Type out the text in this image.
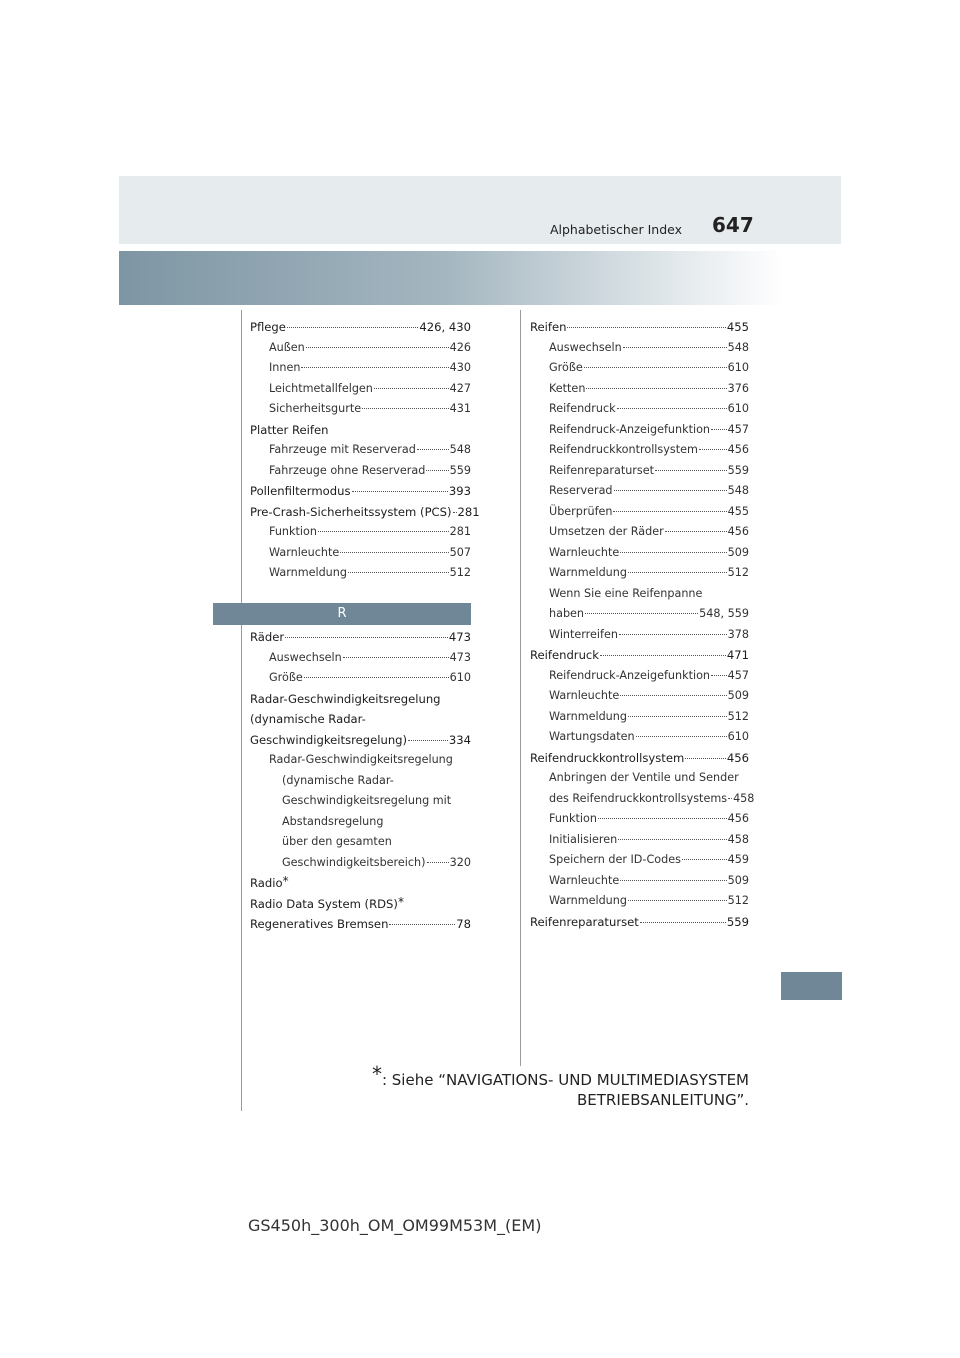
Alphabetischer Index 647
Pflege	426, 430
Außen	426
Innen	430
Leichtmetallfelgen	427
Sicherheitsgurte	431
Platter Reifen
Fahrzeuge mit Reserverad	548
Fahrzeuge ohne Reserverad 559
Pollenfiltermodus	393
Pre-Crash-Sicherheitssystem (PCS) 281
Funktion	281
Warnleuchte	507
Warnmeldung	512
R
Räder	473
Auswechseln	473
Größe	610
Radar-Geschwindigkeitsregelung
(dynamische Radar-
Geschwindigkeitsregelung)	334
Radar-Geschwindigkeitsregelung
(dynamische Radar-
Geschwindigkeitsregelung mit
Abstandsregelung
über den gesamten
Geschwindigkeitsbereich) 320
Radio*
Radio Data System (RDS)*
Regeneratives Bremsen	78
Reifen	455
Auswechseln	548
Größe	610
Ketten	376
Reifendruck	610
Reifendruck-Anzeigefunktion 457
Reifendruckkontrollsystem	456
Reifenreparaturset	559
Reserverad	548
Überprüfen	455
Umsetzen der Räder	456
Warnleuchte	509
Warnmeldung	512
Wenn Sie eine Reifenpanne
haben	548, 559
Winterreifen	378
Reifendruck	471
Reifendruck-Anzeigefunktion 457
Warnleuchte	509
Warnmeldung	512
Wartungsdaten	610
Reifendruckkontrollsystem	456
Anbringen der Ventile und Sender
des Reifendruckkontrollsystems 458
Funktion	456
Initialisieren	458
Speichern der ID-Codes	459
Warnleuchte	509
Warnmeldung	512
Reifenreparaturset	559
*: Siehe “NAVIGATIONS- UND MULTIMEDIASYSTEM
BETRIEBSANLEITUNG”.
GS450h_300h_OM_OM99M53M_(EM)
